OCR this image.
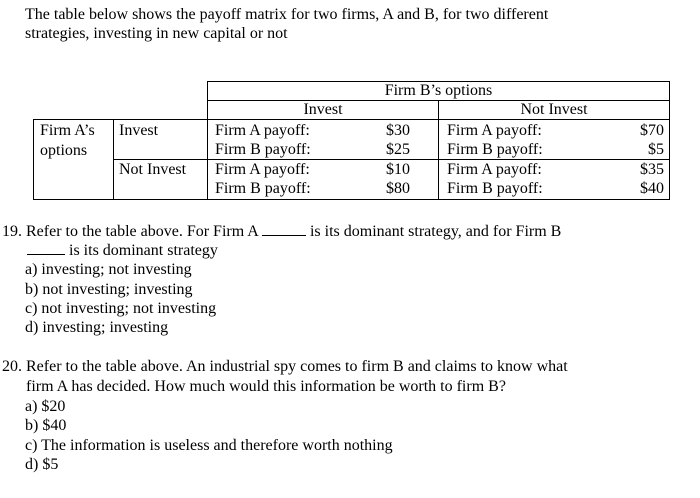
The table below shows the payoff matrix for two firms, A and B, for two different
strategies, investing in new capital or not
Firm B’s options
Invest	Not Invest
Firm A’s
options
Invest
Not Invest
Firm A payoff:
Firm B payoff:
$30
$25
Firm A payoff:
Firm B payoff:
$70
$5
Firm A payoff:
Firm B payoff:
$10
$80
Firm A payoff:
Firm B payoff:
$35
$40
19. Refer to the table above. For Firm A	is its dominant strategy, and for Firm B
is its dominant strategy
a) investing; not investing
b) not investing; investing
c) not investing; not investing
d) investing; investing
20. Refer to the table above. An industrial spy comes to firm B and claims to know what
firm A has decided. How much would this information be worth to firm B?
a) $20
b) $40
c) The information is useless and therefore worth nothing
d) $5
